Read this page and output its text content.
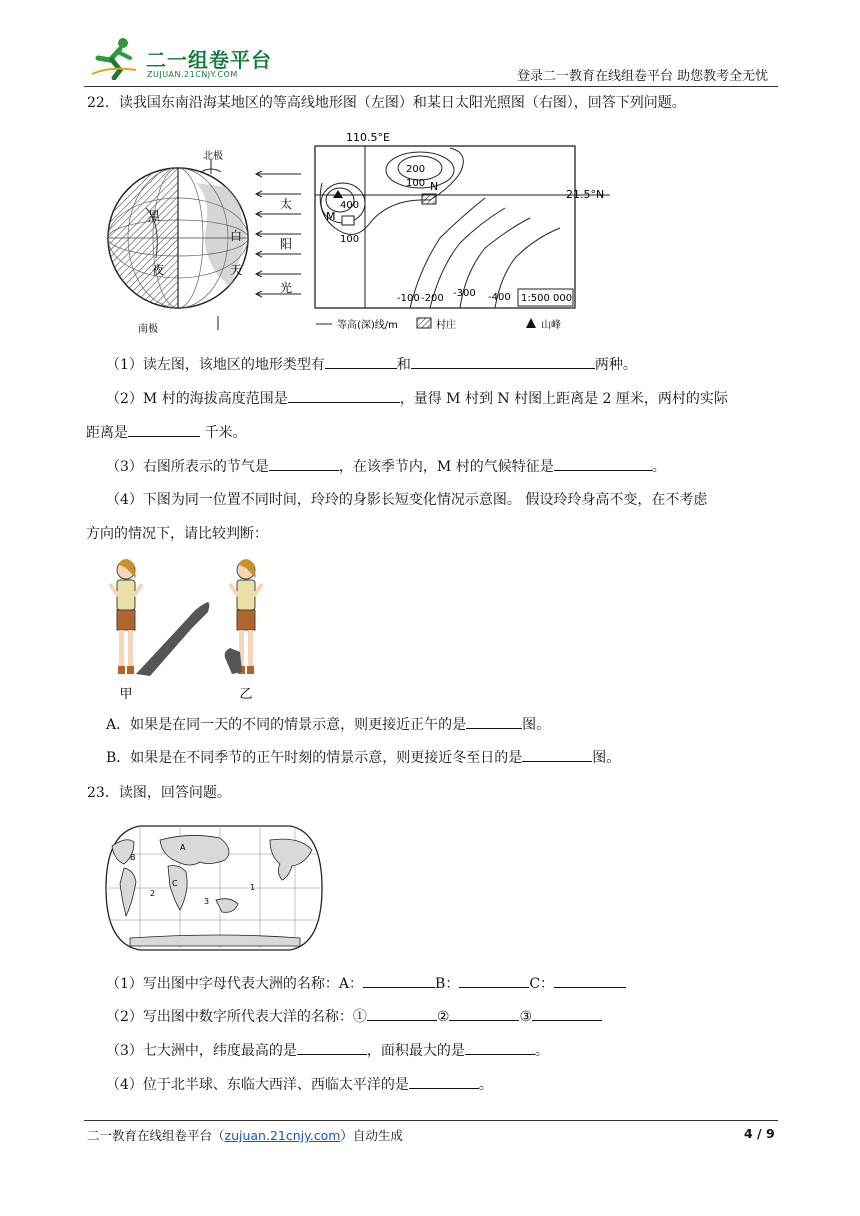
二一组卷平台
ZUJUAN.21CNJY.COM	登录二一教育在线组卷平台 助您教考全无忧
22．读我国东南沿海某地区的等高线地形图（左图）和某日太阳光照图（右图），回答下列问题。
北极
南极
黑
夜
太
白
阳
天
光
110.5°E
21.5°N
200
100 N
400
M
100
-100 -200 -300 -400 1:500 000
等高(深)线/m	村庄	山峰
（1）读左图，该地区的地形类型有	和	两种。
（2）M 村的海拔高度范围是	，量得 M 村到 N 村图上距离是 2 厘米，两村的实际
距离是	千米。
（3）右图所表示的节气是	，在该季节内，M 村的气候特征是	。
（4）下图为同一位置不同时间，玲玲的身影长短变化情况示意图。 假设玲玲身高不变，在不考虑
方向的情况下，请比较判断：
甲	乙
A．如果是在同一天的不同的情景示意，则更接近正午的是	图。
B．如果是在不同季节的正午时刻的情景示意，则更接近冬至日的是	图。
23．读图，回答问题。
A
B
C	1
2
3
（1）写出图中字母代表大洲的名称：A：	B：	C：
（2）写出图中数字所代表大洋的名称：①	②	③
（3）七大洲中，纬度最高的是	，面积最大的是	。
（4）位于北半球、东临大西洋、西临太平洋的是	。
二一教育在线组卷平台（zujuan.21cnjy.com）自动生成	4 / 9
